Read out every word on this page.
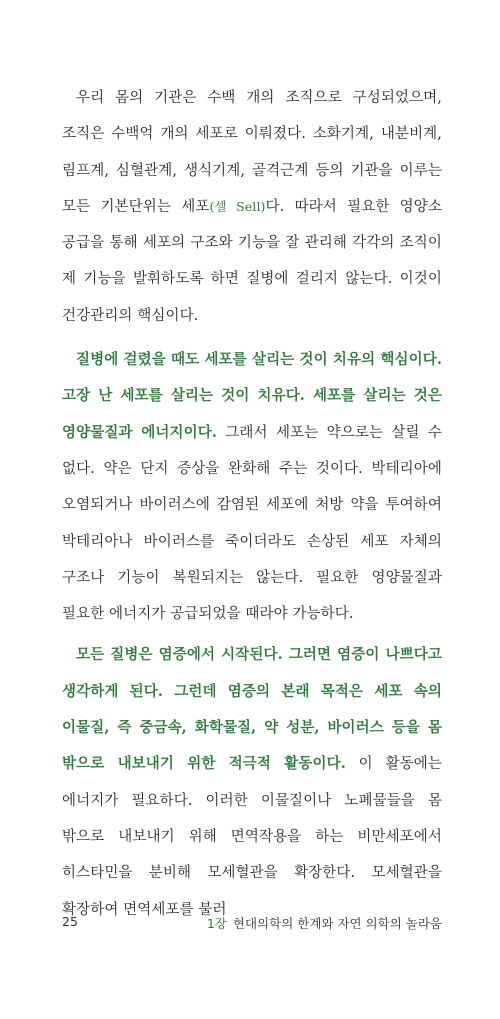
우리 몸의 기관은 수백 개의 조직으로 구성되었으며, 조직은 수백억 개의 세포로 이뤄졌다. 소화기계, 내분비계, 림프계, 심혈관계, 생식기계, 골격근계 등의 기관을 이루는 모든 기본단위는 세포(셀 Sell)다. 따라서 필요한 영양소 공급을 통해 세포의 구조와 기능을 잘 관리해 각각의 조직이 제 기능을 발휘하도록 하면 질병에 걸리지 않는다. 이것이 건강관리의 핵심이다.

질병에 걸렸을 때도 세포를 살리는 것이 치유의 핵심이다. 고장 난 세포를 살리는 것이 치유다. 세포를 살리는 것은 영양물질과 에너지이다. 그래서 세포는 약으로는 살릴 수 없다. 약은 단지 증상을 완화해 주는 것이다. 박테리아에 오염되거나 바이러스에 감염된 세포에 처방 약을 투여하여 박테리아나 바이러스를 죽이더라도 손상된 세포 자체의 구조나 기능이 복원되지는 않는다. 필요한 영양물질과 필요한 에너지가 공급되었을 때라야 가능하다.

모든 질병은 염증에서 시작된다. 그러면 염증이 나쁘다고 생각하게 된다. 그런데 염증의 본래 목적은 세포 속의 이물질, 즉 중금속, 화학물질, 약 성분, 바이러스 등을 몸 밖으로 내보내기 위한 적극적 활동이다. 이 활동에는 에너지가 필요하다. 이러한 이물질이나 노폐물들을 몸 밖으로 내보내기 위해 면역작용을 하는 비만세포에서 히스타민을 분비해 모세혈관을 확장한다. 모세혈관을 확장하여 면역세포를 불러

25	1장 현대의학의 한계와 자연 의학의 놀라움
